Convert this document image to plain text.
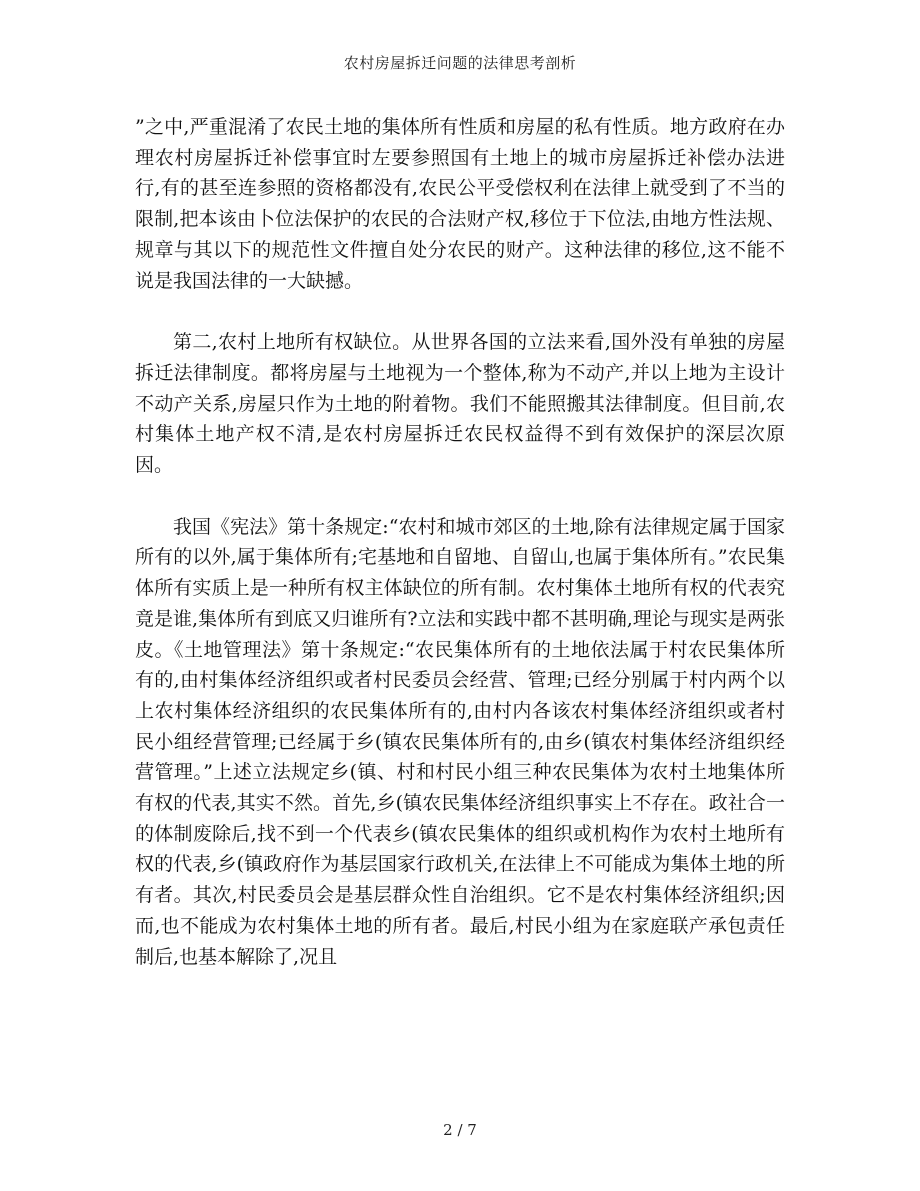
农村房屋拆迁问题的法律思考剖析

”之中,严重混淆了农民土地的集体所有性质和房屋的私有性质。地方政府在办理农村房屋拆迁补偿事宜时左要参照国有土地上的城市房屋拆迁补偿办法进行,有的甚至连参照的资格都没有,农民公平受偿权利在法律上就受到了不当的限制,把本该由卜位法保护的农民的合法财产权,移位于下位法,由地方性法规、规章与其以下的规范性文件擅自处分农民的财产。这种法律的移位,这不能不说是我国法律的一大缺撼。

第二,农村上地所有权缺位。从世界各国的立法来看,国外没有单独的房屋拆迁法律制度。都将房屋与土地视为一个整体,称为不动产,并以上地为主设计不动产关系,房屋只作为土地的附着物。我们不能照搬其法律制度。但目前,农村集体土地产权不清,是农村房屋拆迁农民权益得不到有效保护的深层次原因。

我国《宪法》第十条规定:“农村和城市郊区的土地,除有法律规定属于国家所有的以外,属于集体所有;宅基地和自留地、自留山,也属于集体所有。”农民集体所有实质上是一种所有权主体缺位的所有制。农村集体土地所有权的代表究竟是谁,集体所有到底又归谁所有?立法和实践中都不甚明确,理论与现实是两张皮。《土地管理法》第十条规定:“农民集体所有的土地依法属于村农民集体所有的,由村集体经济组织或者村民委员会经营、管理;已经分别属于村内两个以上农村集体经济组织的农民集体所有的,由村内各该农村集体经济组织或者村民小组经营管理;已经属于乡(镇农民集体所有的,由乡(镇农村集体经济组织经营管理。”上述立法规定乡(镇、村和村民小组三种农民集体为农村土地集体所有权的代表,其实不然。首先,乡(镇农民集体经济组织事实上不存在。政社合一的体制废除后,找不到一个代表乡(镇农民集体的组织或机构作为农村土地所有权的代表,乡(镇政府作为基层国家行政机关,在法律上不可能成为集体土地的所有者。其次,村民委员会是基层群众性自治组织。它不是农村集体经济组织;因而,也不能成为农村集体土地的所有者。最后,村民小组为在家庭联产承包责任制后,也基本解除了,况且

2 / 7
